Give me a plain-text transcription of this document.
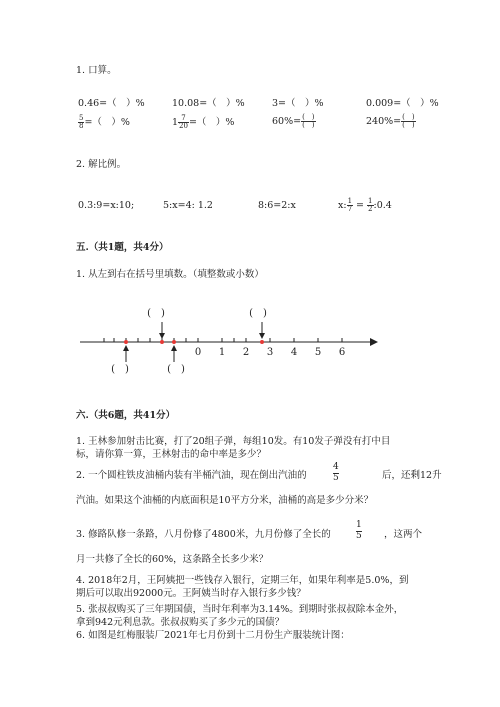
1. 口算。
0.46=（　）%	10.08=（　）%	3=（　）%	0.009=（　）%
$\frac{5}{8}$ =（　）%	$1 \frac{7}{20}$ =（　）%	$60\%= \frac{( )}{( )}$	$240\%= \frac{( )}{( )}$
2. 解比例。
0.3:9=x:10;	5:x=4: 1.2	8:6=2:x	x: $\frac{1}{7} = \frac{1}{2}$ :0.4
五.（共1题，共4分）
1. 从左到右在括号里填数。（填整数或小数）
0 1 2 3 4 5 6
(　)	(　)
(　)	(　)
六.（共6题，共41分）
1. 王林参加射击比赛，打了20组子弹，每组10发。有10发子弹没有打中目
标，请你算一算，王林射击的命中率是多少？
2. 一个圆柱铁皮油桶内装有半桶汽油，现在倒出汽油的
4
5	后，还剩12升
汽油。如果这个油桶的内底面积是10平方分米，油桶的高是多少分米？
3. 修路队修一条路，八月份修了4800米，九月份修了全长的
1
5 ，这两个
月一共修了全长的60%，这条路全长多少米？
4. 2018年2月，王阿姨把一些钱存入银行，定期三年，如果年利率是5.0%，到
期后可以取出92000元。王阿姨当时存入银行多少钱？
5. 张叔叔购买了三年期国债，当时年利率为3.14%。到期时张叔叔除本金外，
拿到942元利息款。张叔叔购买了多少元的国债？
6. 如图是红梅服装厂2021年七月份到十二月份生产服装统计图：
